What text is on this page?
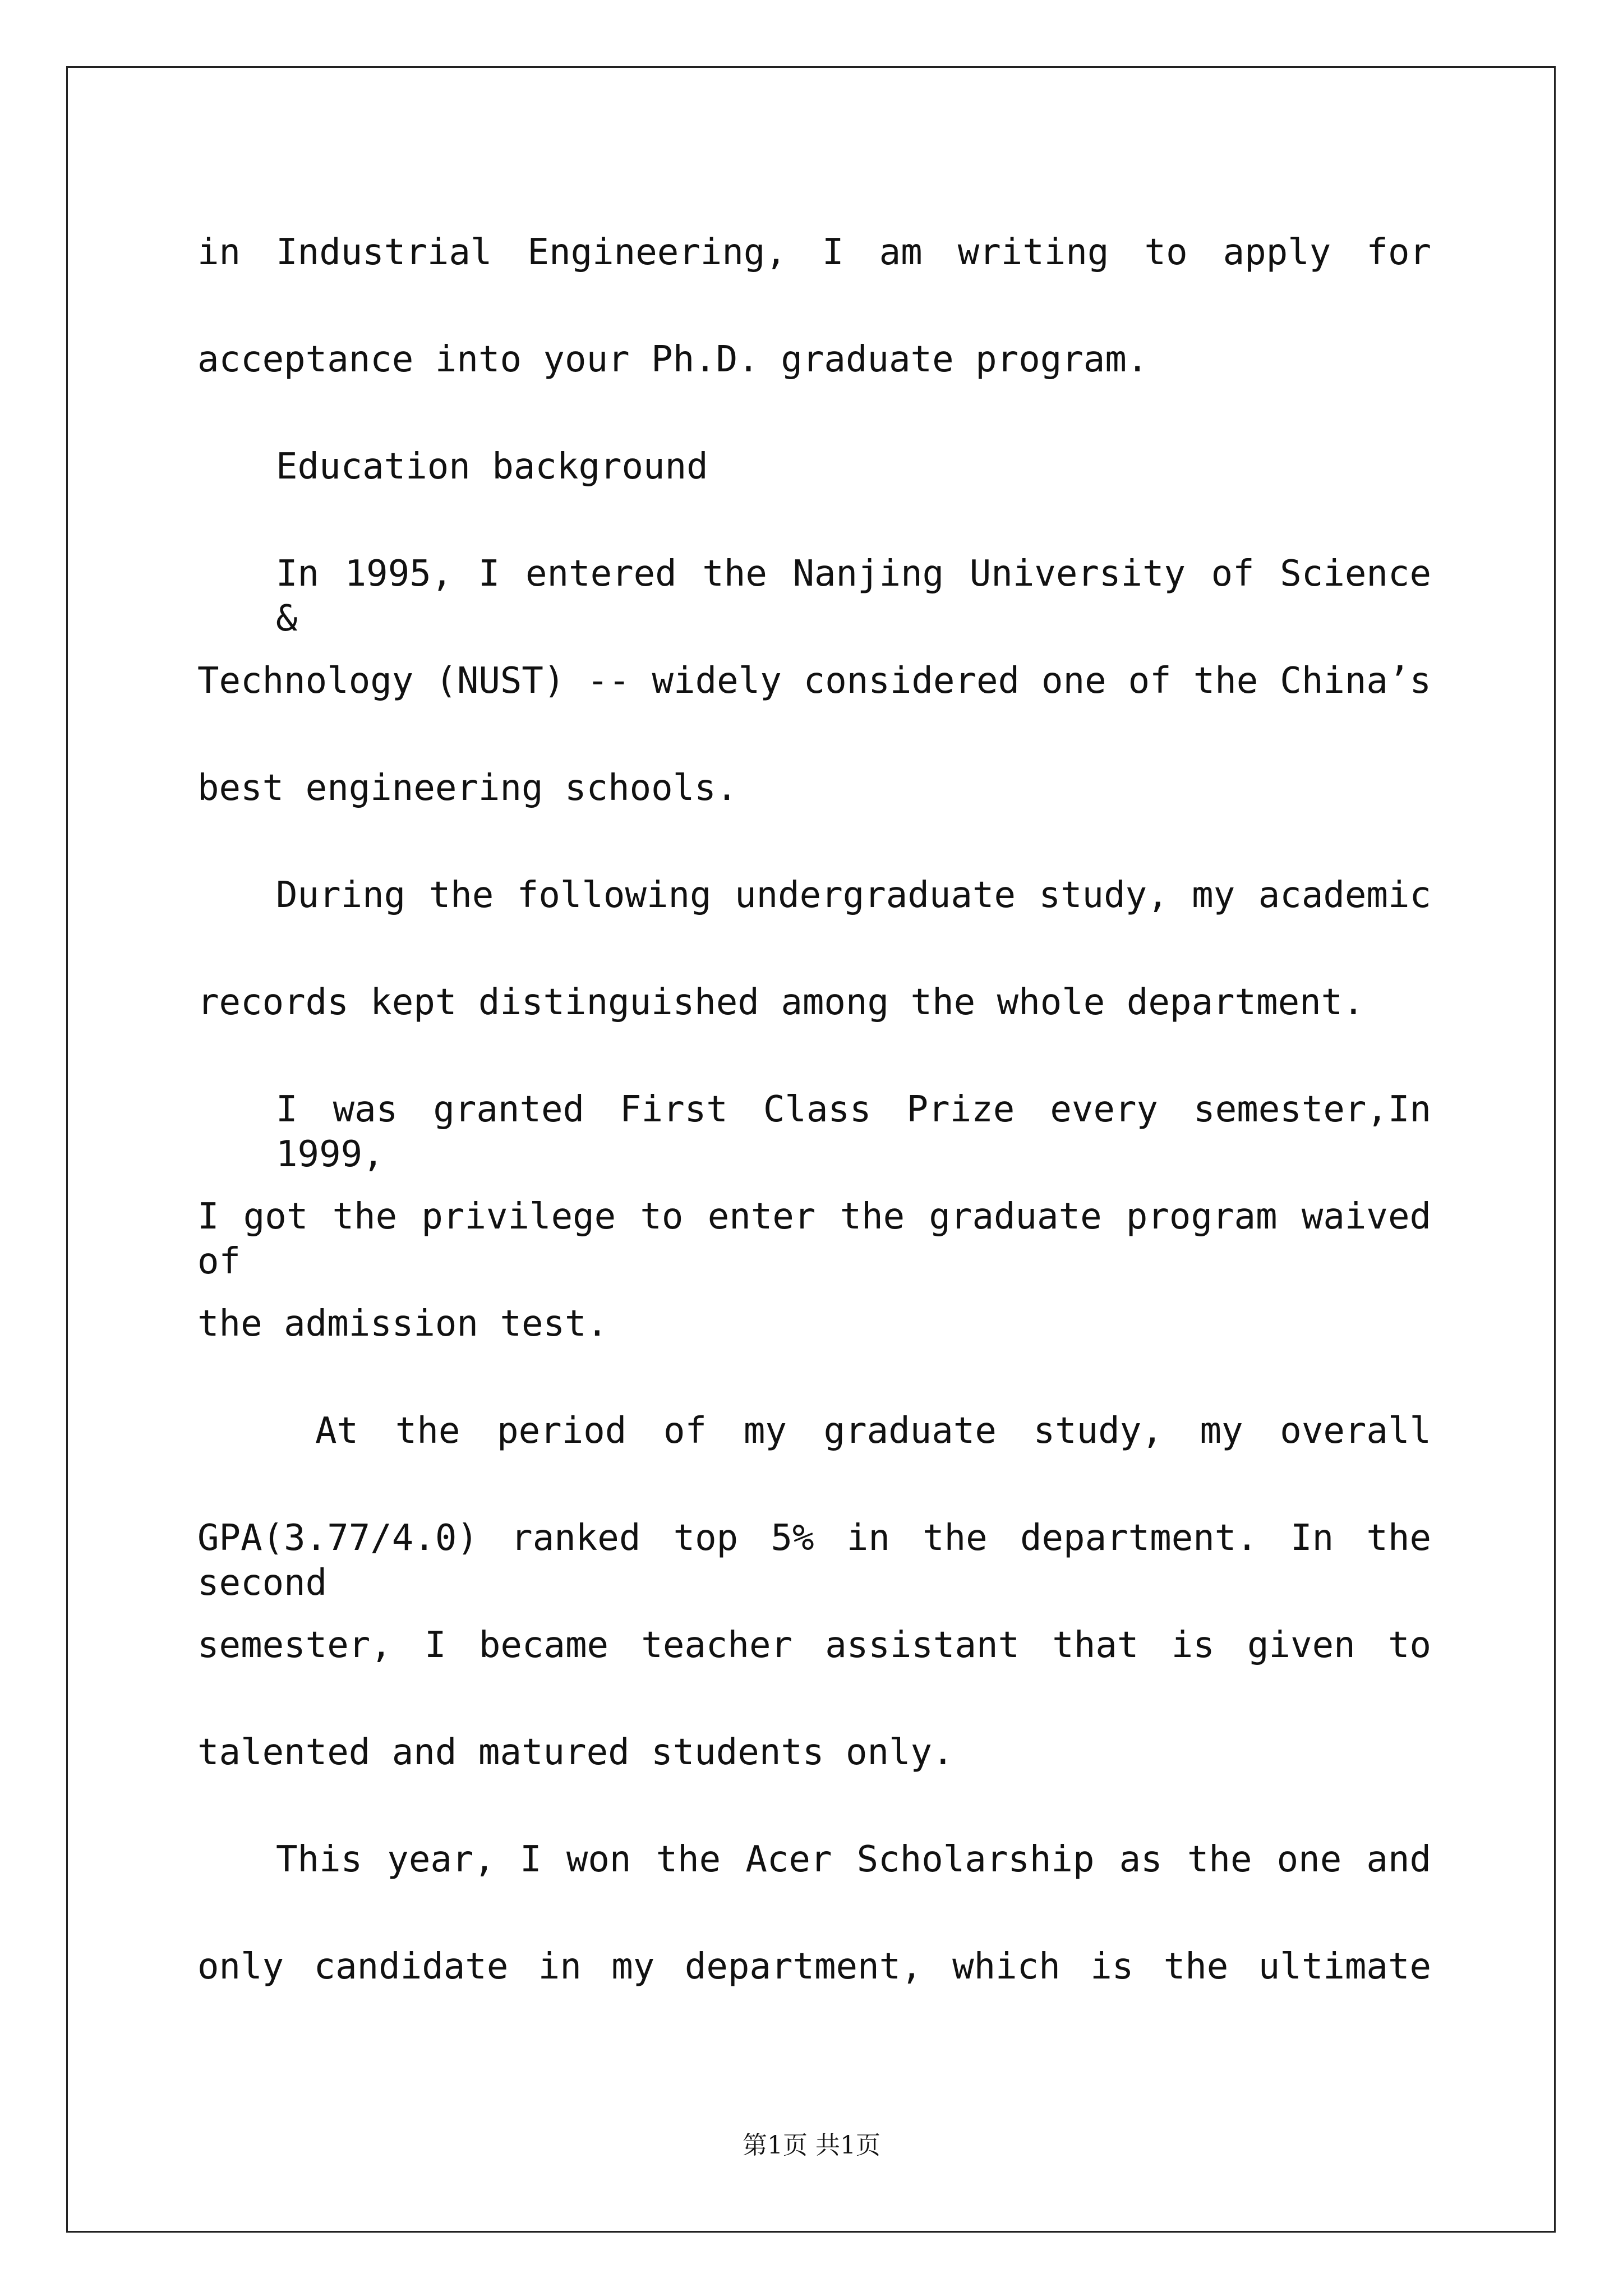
in Industrial Engineering, I am writing to apply for
acceptance into your Ph.D. graduate program.
Education background
In 1995, I entered the Nanjing University of Science &
Technology (NUST) -- widely considered one of the China’s
best engineering schools.
During the following undergraduate study, my academic
records kept distinguished among the whole department.
I was granted First Class Prize every semester,In 1999,
I got the privilege to enter the graduate program waived of
the admission test.
At the period of my graduate study, my overall
GPA(3.77/4.0) ranked top 5% in the department. In the second
semester, I became teacher assistant that is given to
talented and matured students only.
This year, I won the Acer Scholarship as the one and
only candidate in my department, which is the ultimate
第1页 共1页
